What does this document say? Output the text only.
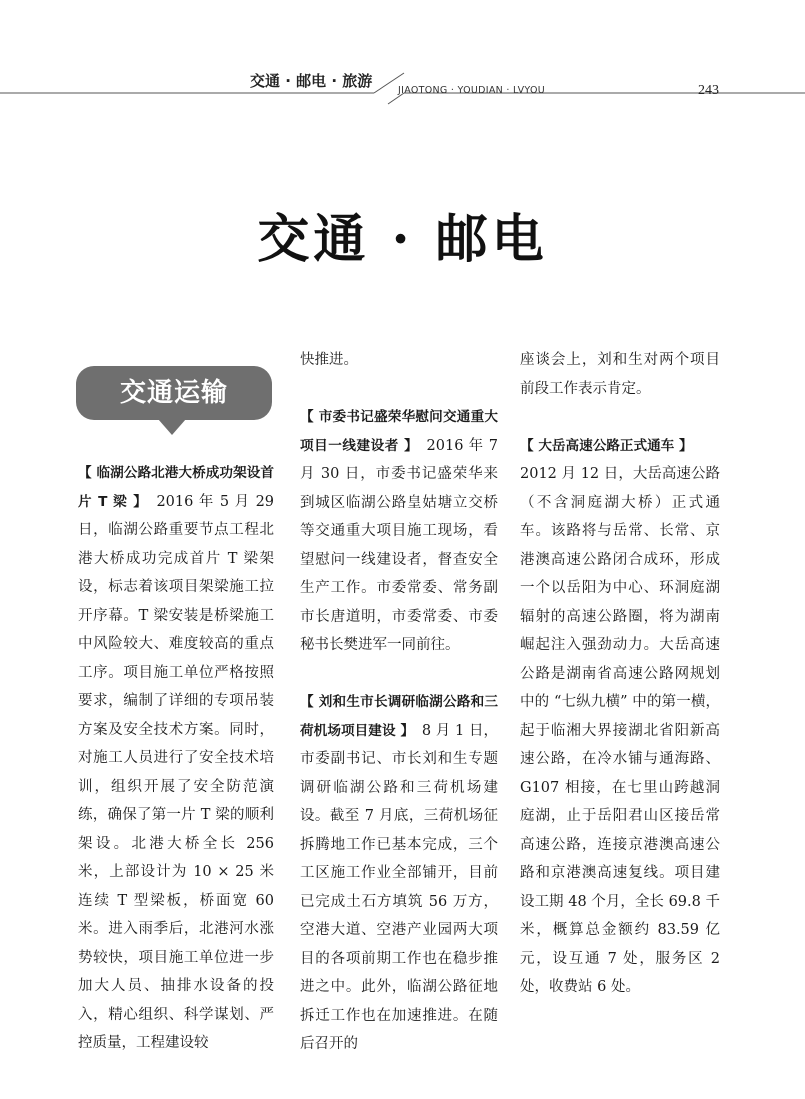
交通 · 邮电 · 旅游
JIAOTONG · YOUDIAN · LVYOU	243
交通 · 邮电
交通运输

【 临湖公路北港大桥成功架设首片 T 梁 】　 2016 年 5 月 29 日，临湖公路重要节点工程北港大桥成功完成首片 T 梁架设，标志着该项目架梁施工拉开序幕。T 梁安装是桥梁施工中风险较大、难度较高的重点工序。项目施工单位严格按照要求，编制了详细的专项吊装方案及安全技术方案。同时，对施工人员进行了安全技术培训，组织开展了安全防范演练，确保了第一片 T 梁的顺利架设。北港大桥全长 256 米，上部设计为 10 × 25 米连续 T 型梁板，桥面宽 60 米。进入雨季后，北港河水涨势较快，项目施工单位进一步加大人员、抽排水设备的投入，精心组织、科学谋划、严控质量，工程建设较

快推进。

【 市委书记盛荣华慰问交通重大项目一线建设者 】　 2016 年 7 月 30 日，市委书记盛荣华来到城区临湖公路皇姑塘立交桥等交通重大项目施工现场，看望慰问一线建设者，督查安全生产工作。市委常委、常务副市长唐道明，市委常委、市委秘书长樊进军一同前往。

【 刘和生市长调研临湖公路和三荷机场项目建设 】　 8 月 1 日，市委副书记、市长刘和生专题调研临湖公路和三荷机场建设。截至 7 月底，三荷机场征拆腾地工作已基本完成，三个工区施工作业全部铺开，目前已完成土石方填筑 56 万方，空港大道、空港产业园两大项目的各项前期工作也在稳步推进之中。此外，临湖公路征地拆迁工作也在加速推进。在随后召开的

座谈会上，刘和生对两个项目前段工作表示肯定。

【 大岳高速公路正式通车 】

2012 月 12 日，大岳高速公路（不含洞庭湖大桥）正式通车。该路将与岳常、长常、京港澳高速公路闭合成环，形成一个以岳阳为中心、环洞庭湖辐射的高速公路圈，将为湖南崛起注入强劲动力。大岳高速公路是湖南省高速公路网规划中的 “七纵九横” 中的第一横，起于临湘大界接湖北省阳新高速公路，在冷水铺与通海路、G107 相接，在七里山跨越洞庭湖，止于岳阳君山区接岳常高速公路，连接京港澳高速公路和京港澳高速复线。项目建设工期 48 个月，全长 69.8 千米，概算总金额约 83.59 亿元，设互通 7 处，服务区 2 处，收费站 6 处。
